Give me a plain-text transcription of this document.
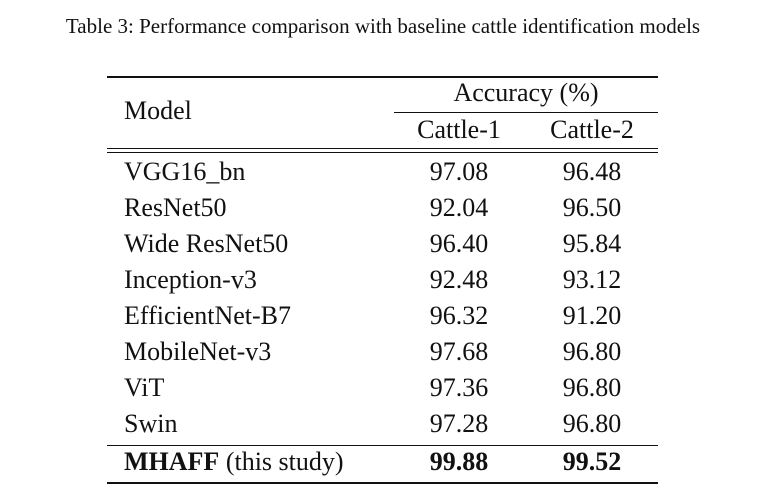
Table 3: Performance comparison with baseline cattle identification models
Model
Accuracy (%)
Cattle-1	Cattle-2
VGG16_bn	97.08	96.48
ResNet50	92.04	96.50
Wide ResNet50	96.40	95.84
Inception-v3	92.48	93.12
EfficientNet-B7	96.32	91.20
MobileNet-v3	97.68	96.80
ViT	97.36	96.80
Swin	97.28	96.80
MHAFF (this study)	99.88	99.52
